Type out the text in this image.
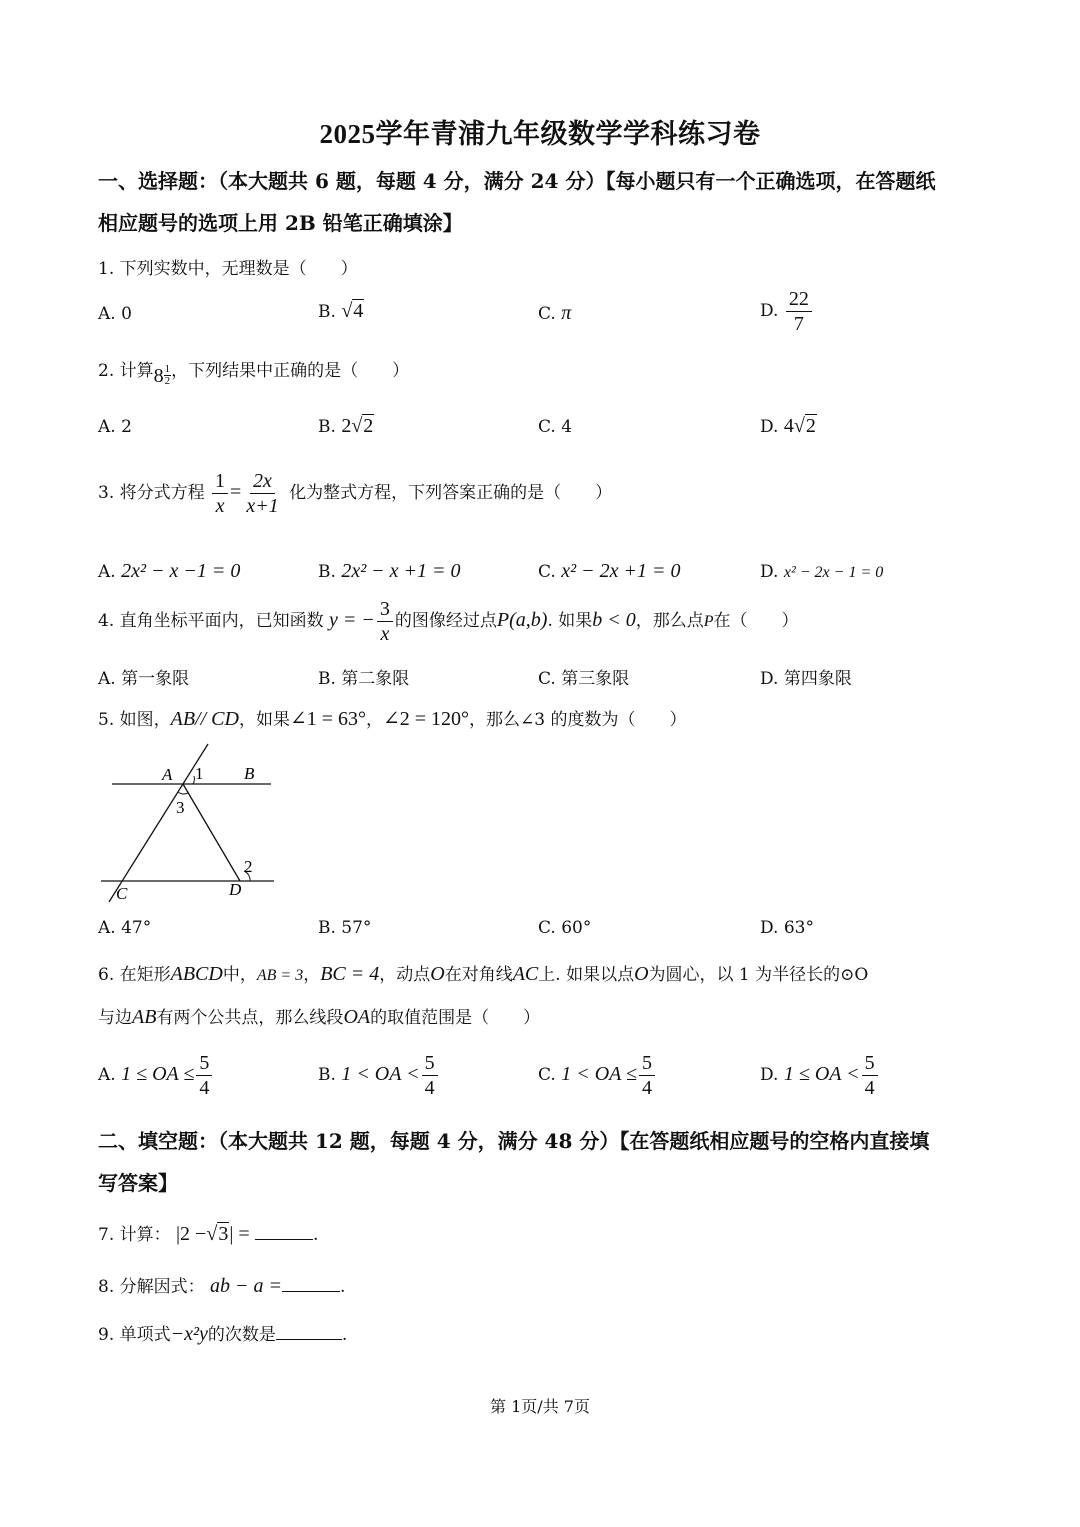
2025学年青浦九年级数学学科练习卷
一、选择题：（本大题共 6 题，每题 4 分，满分 24 分）【每小题只有一个正确选项，在答题纸
相应题号的选项上用 2B 铅笔正确填涂】
1. 下列实数中，无理数是（　　）
A. 0	B. √4	C. π	D. $\frac{22}{7}$
2. 计算$8 \frac{1}{2}$ ，下列结果中正确的是（　　）
A. 2	B. 2√2	C. 4	D. 4√2
3. 将分式方程 $\frac{1}{x} = \frac{2x}{x+1}$ 化为整式方程，下列答案正确的是（　　）
A. 2x² − x −1 = 0	B. 2x² − x +1 = 0	C. x² − 2x +1 = 0	D. x² − 2x − 1 = 0
4. 直角坐标平面内，已知函数 y = − $\frac{3}{x}$ 的图像经过点P(a,b). 如果b < 0，那么点P在（　　）
A. 第一象限	B. 第二象限	C. 第三象限	D. 第四象限
5. 如图，AB// CD，如果∠1 = 63°，∠2 = 120°，那么∠3 的度数为（　　）
A 1 B
3
2
C	D
A. 47°	B. 57°	C. 60°	D. 63°
6. 在矩形ABCD中，AB = 3，BC = 4，动点O在对角线AC上. 如果以点O为圆心，以 1 为半径长的⊙O
与边AB有两个公共点，那么线段OA的取值范围是（　　）
A. 1 ≤ OA ≤ $\frac{5}{4}$	B. 1 < OA < $\frac{5}{4}$	C. 1 < OA ≤ $\frac{5}{4}$	D. 1 ≤ OA < $\frac{5}{4}$
二、填空题：（本大题共 12 题，每题 4 分，满分 48 分）【在答题纸相应题号的空格内直接填
写答案】
7. 计算： |2 −√3| =	.
8. 分解因式： ab − a =	.
9. 单项式−x²y的次数是	.
第 1页/共 7页
